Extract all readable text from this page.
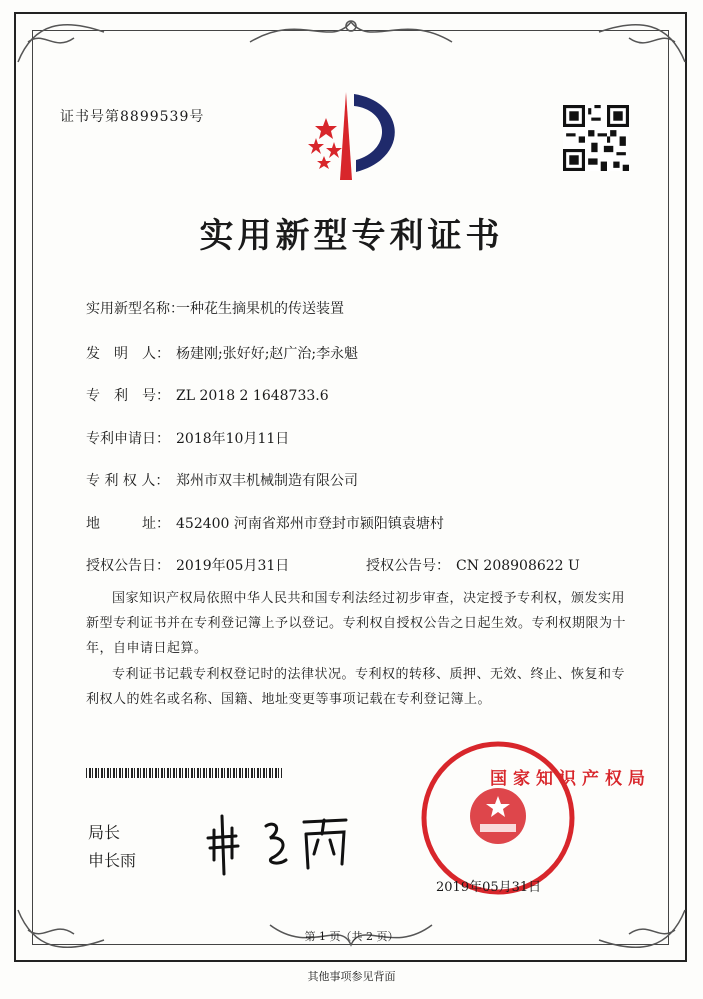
证书号第8899539号
实用新型专利证书
实用新型名称：一种花生摘果机的传送装置
发　明　人： 杨建刚;张好好;赵广治;李永魁
专　利　号： ZL 2018 2 1648733.6
专利申请日： 2018年10月11日
专 利 权 人： 郑州市双丰机械制造有限公司
地　　　址： 452400 河南省郑州市登封市颍阳镇袁塘村
授权公告日： 2019年05月31日	授权公告号： CN 208908622 U
国家知识产权局依照中华人民共和国专利法经过初步审查，决定授予专利权，颁发实用新型专利证书并在专利登记簿上予以登记。专利权自授权公告之日起生效。专利权期限为十年，自申请日起算。
专利证书记载专利权登记时的法律状况。专利权的转移、质押、无效、终止、恢复和专利权人的姓名或名称、国籍、地址变更等事项记载在专利登记簿上。
局长
申长雨
国家知识产权局
2019年05月31日
第 1 页（共 2 页）
其他事项参见背面
